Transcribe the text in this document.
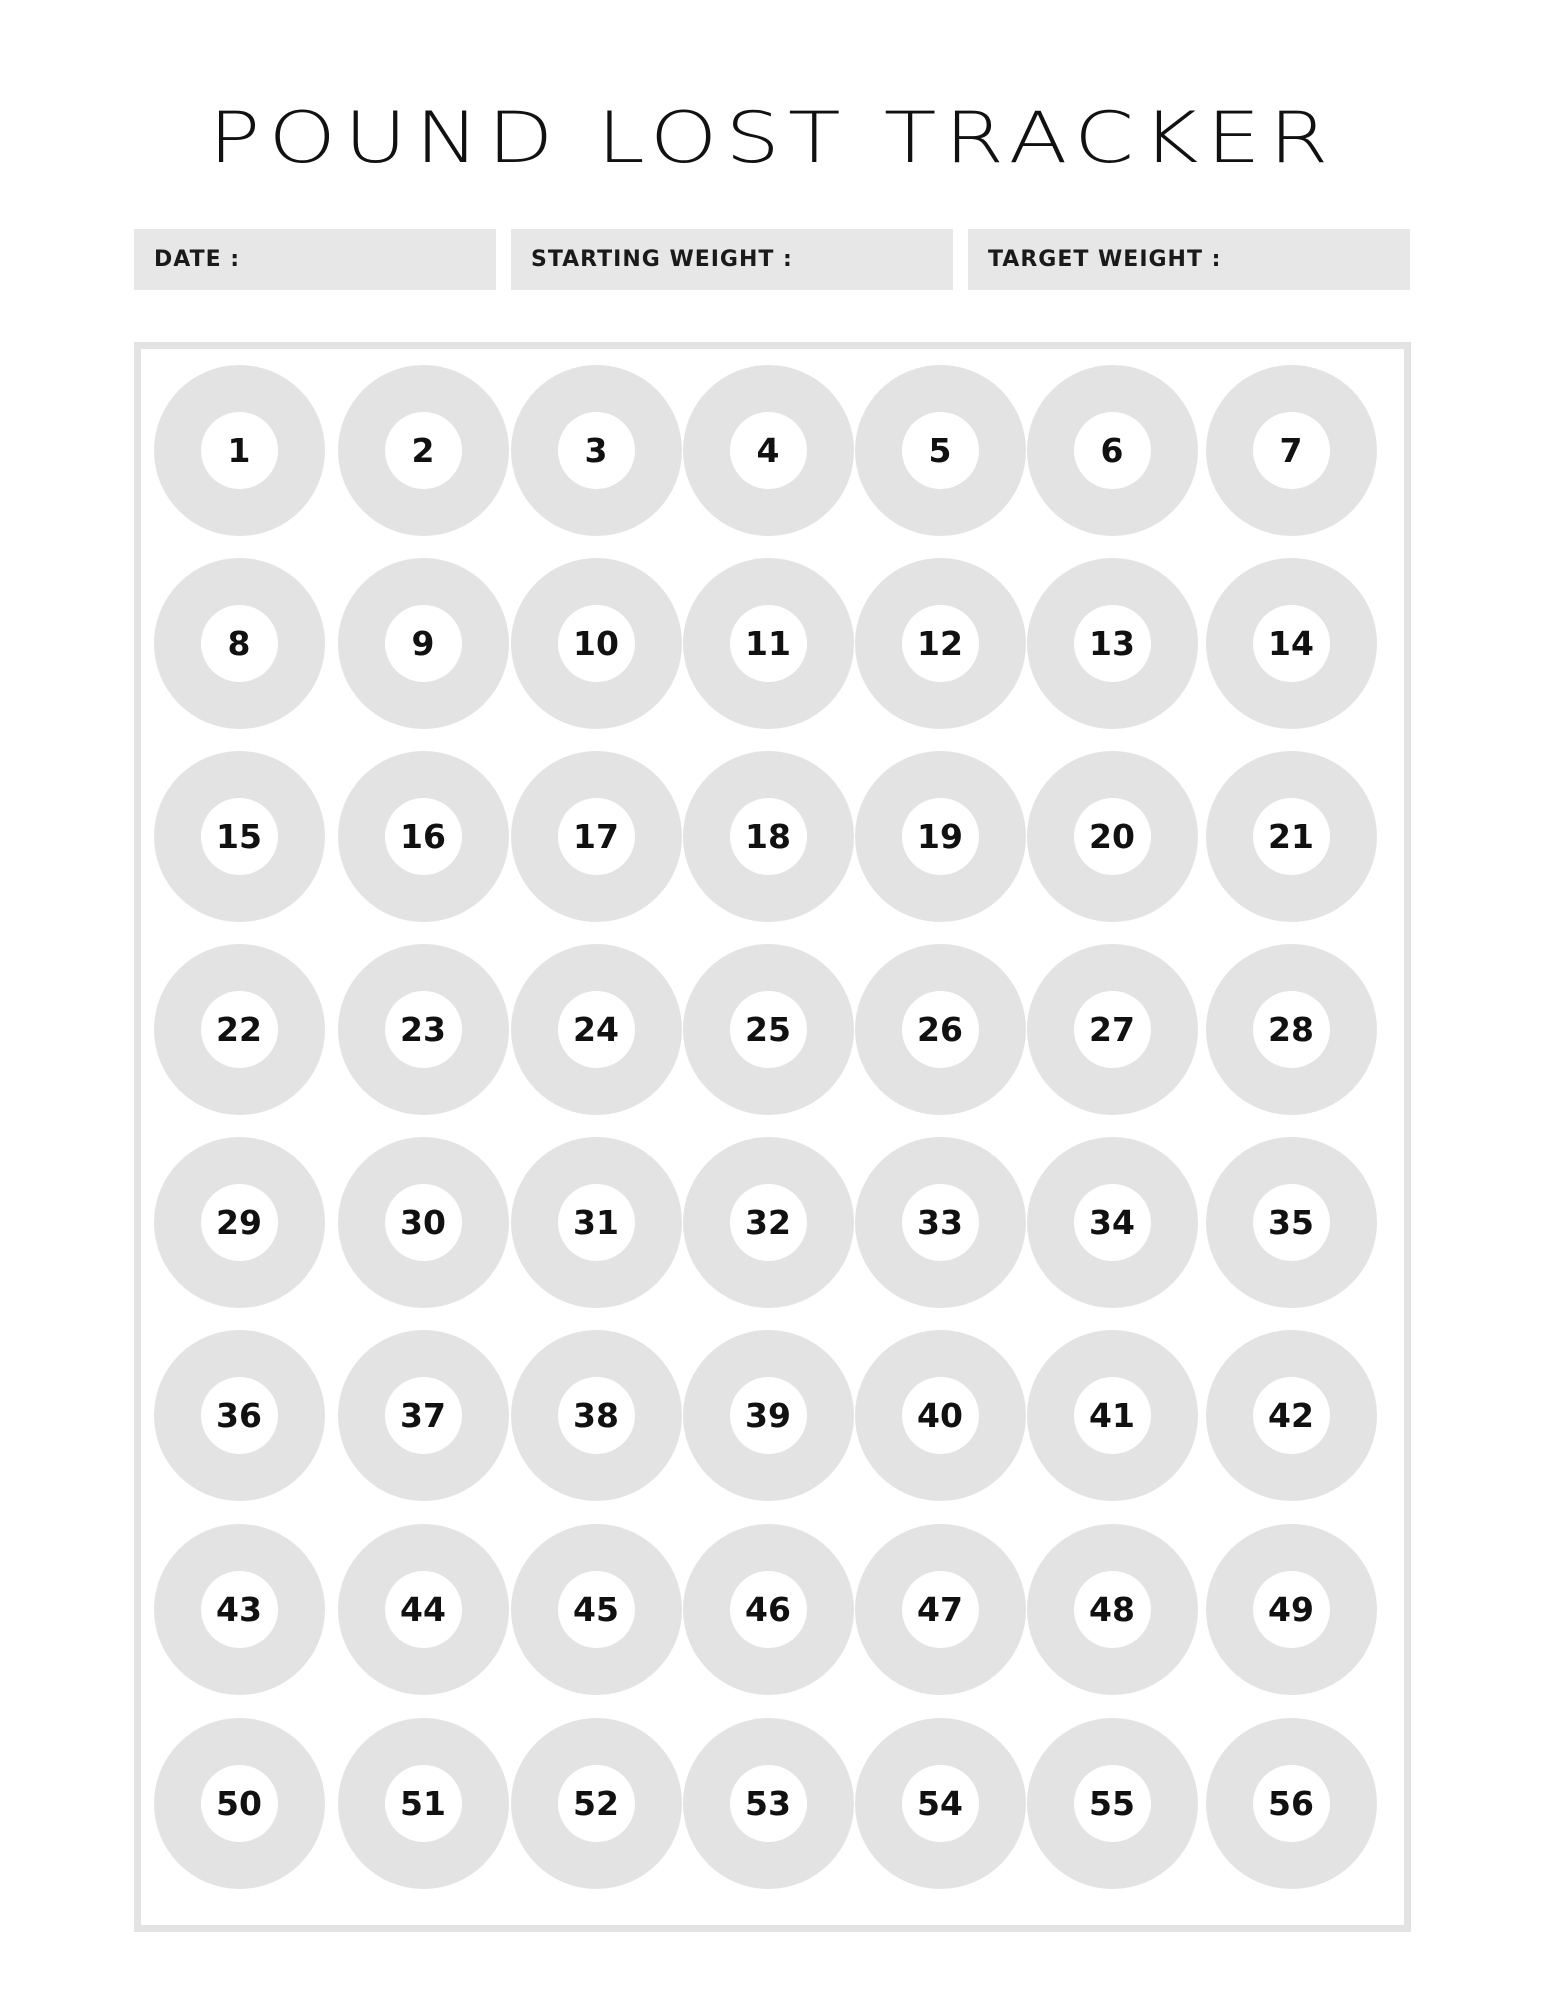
POUND LOST TRACKER
DATE :	STARTING WEIGHT :	TARGET WEIGHT :
1	2	3	4	5	6	7
8	9	10	11	12	13	14
15	16	17	18	19	20	21
22	23	24	25	26	27	28
29	30	31	32	33	34	35
36	37	38	39	40	41	42
43	44	45	46	47	48	49
50	51	52	53	54	55	56
